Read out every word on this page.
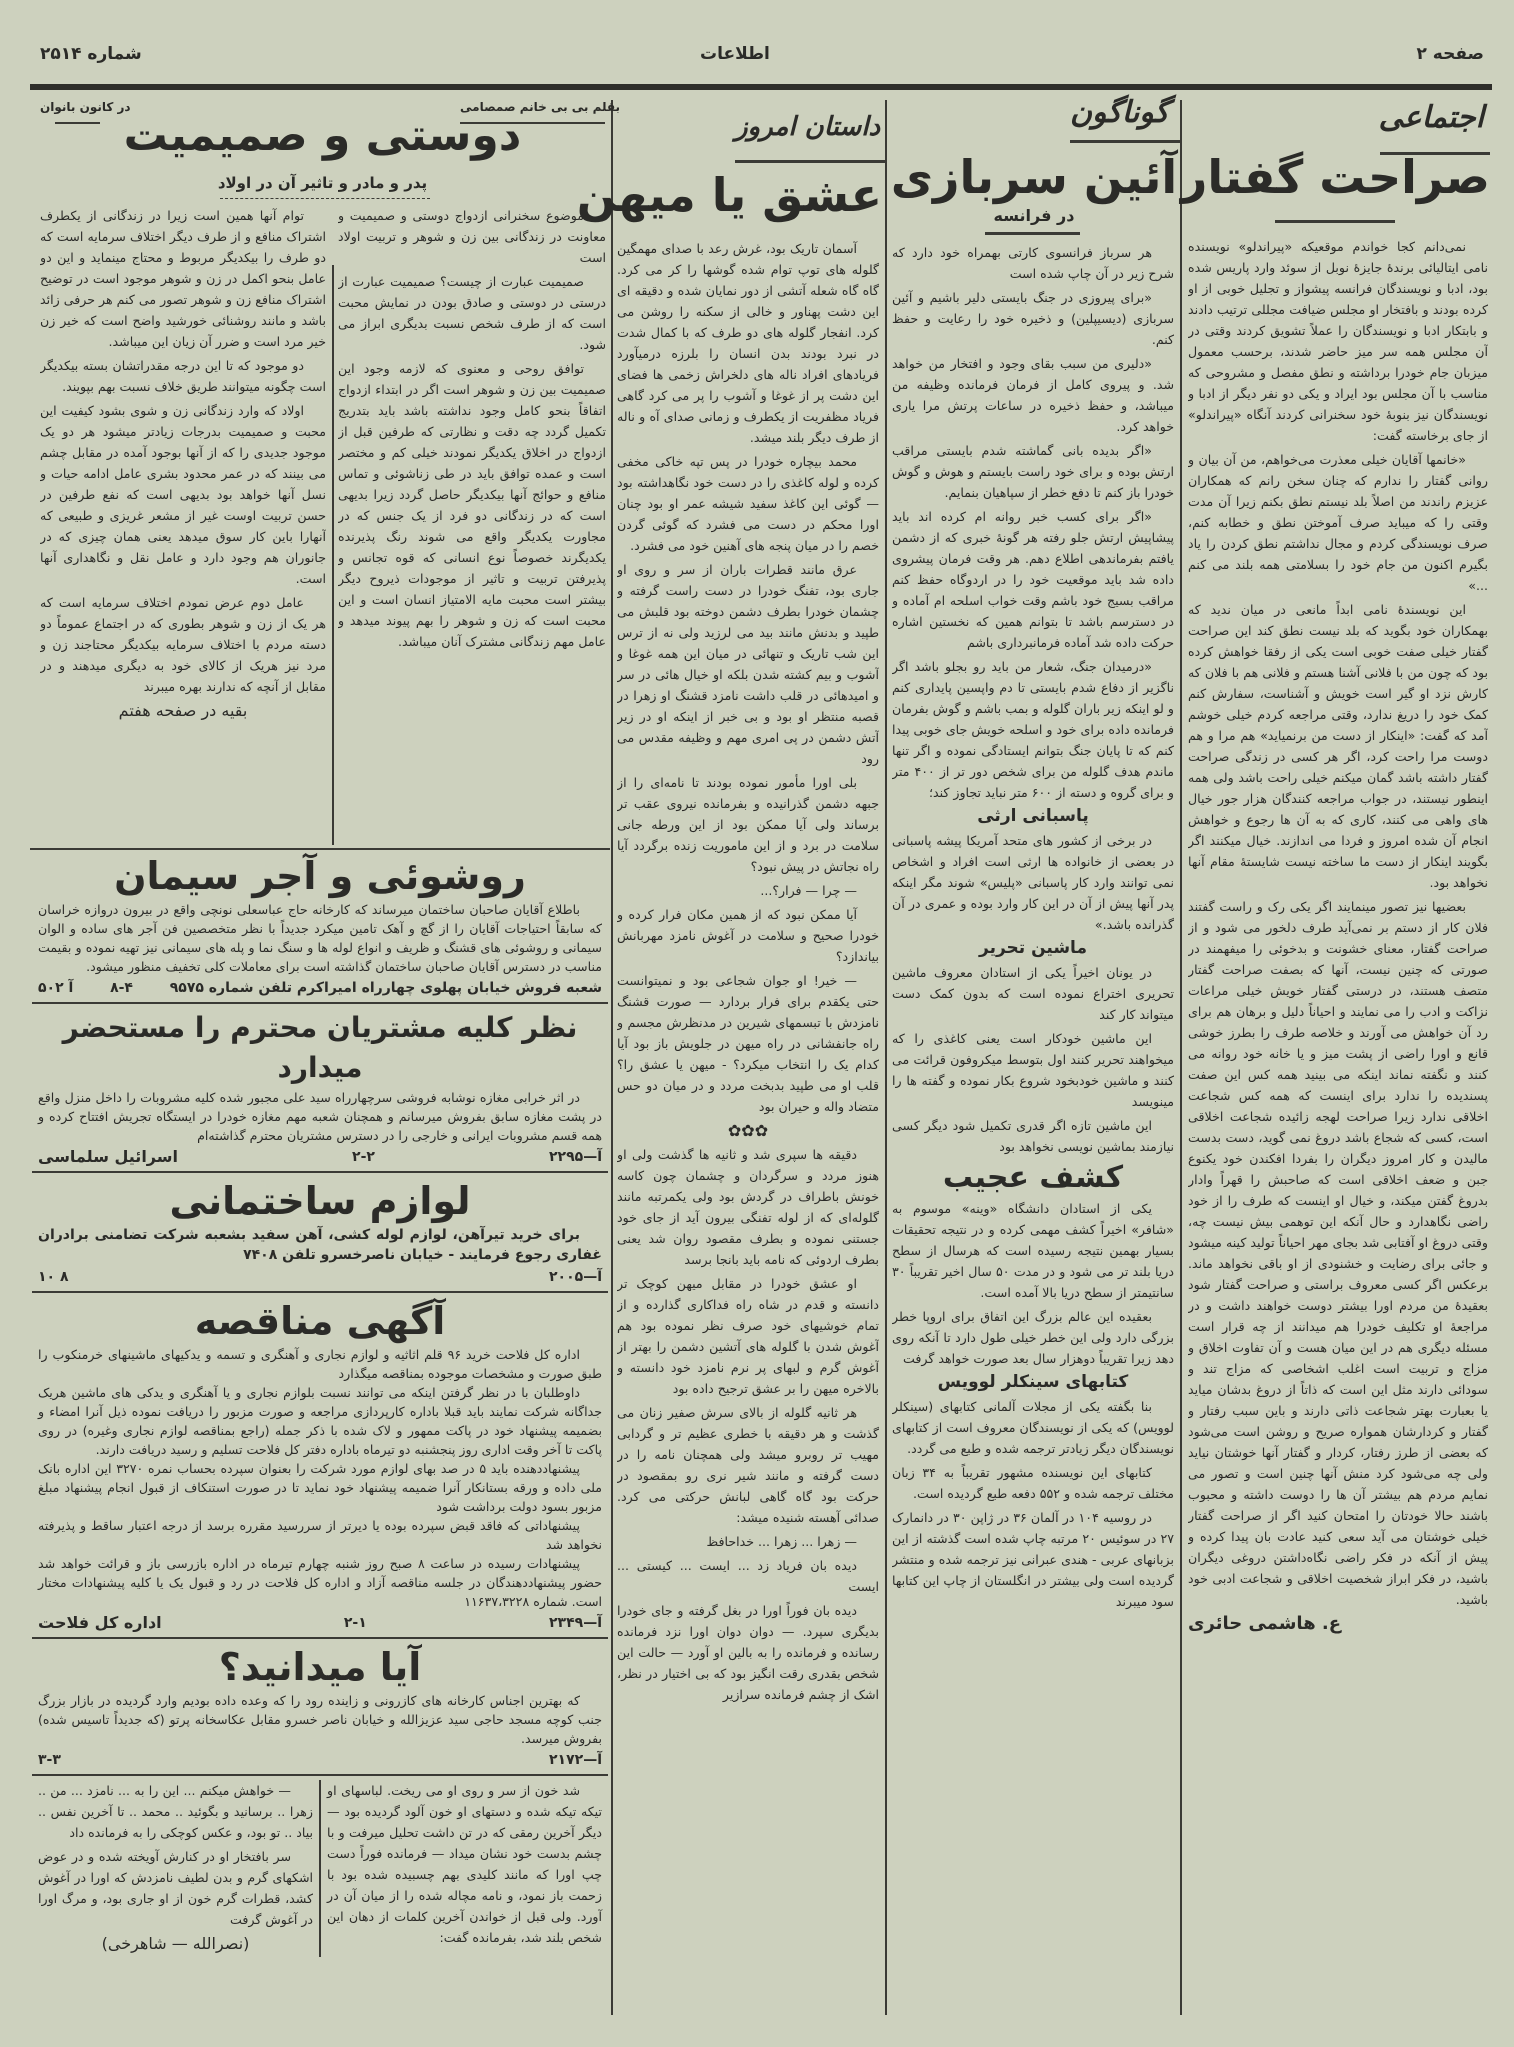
صفحه ۲
اطلاعات
شماره ۲۵۱۴
اجتماعی
صراحت گفتار

نمی‌دانم کجا خواندم موقعیکه «پیراندلو» نویسنده نامی ایتالیائی برندهٔ جایزهٔ نوبل از سوئد وارد پاریس شده بود، ادبا و نویسندگان فرانسه پیشواز و تجلیل خوبی از او کرده بودند و بافتخار او مجلس ضیافت مجللی ترتیب دادند و بابتکار ادبا و نویسندگان را عملاً تشویق کردند وقتی در آن مجلس همه سر میز حاضر شدند، برحسب معمول میزبان جام خودرا برداشته و نطق مفصل و مشروحی که مناسب با آن مجلس بود ایراد و یکی دو نفر دیگر از ادبا و نویسندگان نیز بنوبهٔ خود سخنرانی کردند آنگاه «پیراندلو» از جای برخاسته گفت:

«خانمها آقایان خیلی معذرت می‌خواهم، من آن بیان و روانی گفتار را ندارم که چنان سخن رانم که همکاران عزیزم راندند من اصلاً بلد نیستم نطق بکنم زیرا آن مدت وقتی را که میباید صرف آموختن نطق و خطابه کنم، صرف نویسندگی کردم و مجال نداشتم نطق کردن را یاد بگیرم اکنون من جام خود را بسلامتی همه بلند می کنم ...»

این نویسندهٔ نامی ابداً مانعی در میان ندید که بهمکاران خود بگوید که بلد نیست نطق کند این صراحت گفتار خیلی صفت خوبی است یکی از رفقا خواهش کرده بود که چون من با فلانی آشنا هستم و فلانی هم با فلان که کارش نزد او گیر است خویش و آشناست، سفارش کنم کمک خود را دریغ ندارد، وقتی مراجعه کردم خیلی خوشم آمد که گفت: «اینکار از دست من برنمیاید» هم مرا و هم دوست مرا راحت کرد، اگر هر کسی در زندگی صراحت گفتار داشته باشد گمان میکنم خیلی راحت باشد ولی همه اینطور نیستند، در جواب مراجعه کنندگان هزار جور خیال های واهی می کنند، کاری که به آن ها رجوع و خواهش انجام آن شده امروز و فردا می اندازند. خیال میکنند اگر بگویند اینکار از دست ما ساخته نیست شایستهٔ مقام آنها نخواهد بود.

بعضیها نیز تصور مینمایند اگر یکی رک و راست گفتند فلان کار از دستم بر نمی‌آید طرف دلخور می شود و از صراحت گفتار، معنای خشونت و بدخوئی را میفهمند در صورتی که چنین نیست، آنها که بصفت صراحت گفتار متصف هستند، در درستی گفتار خویش خیلی مراعات نزاکت و ادب را می نمایند و احیاناً دلیل و برهان هم برای رد آن خواهش می آورند و خلاصه طرف را بطرز خوشی قانع و اورا راضی از پشت میز و یا خانه خود روانه می کنند و نگفته نماند اینکه می بینید همه کس این صفت پسندیده را ندارد برای اینست که همه کس شجاعت اخلاقی ندارد زیرا صراحت لهجه زائیده شجاعت اخلاقی است، کسی که شجاع باشد دروغ نمی گوید، دست بدست مالیدن و کار امروز دیگران را بفردا افکندن خود یکنوع جبن و ضعف اخلاقی است که صاحبش را قهراً وادار بدروغ گفتن میکند، و خیال او اینست که طرف را از خود راضی نگاهدارد و حال آنکه این توهمی بیش نیست چه، وقتی دروغ او آفتابی شد بجای مهر احیاناً تولید کینه میشود و جائی برای رضایت و خشنودی از او باقی نخواهد ماند. برعکس اگر کسی معروف براستی و صراحت گفتار شود بعقیدهٔ من مردم اورا بیشتر دوست خواهند داشت و در مراجعهٔ او تکلیف خودرا هم میدانند از چه قرار است مسئله دیگری هم در این میان هست و آن تفاوت اخلاق و مزاج و تربیت است اغلب اشخاصی که مزاج تند و سودائی دارند مثل این است که ذاتاً از دروغ بدشان میاید یا بعبارت بهتر شجاعت ذاتی دارند و باین سبب رفتار و گفتار و کردارشان همواره صریح و روشن است می‌شود که بعضی از طرز رفتار، کردار و گفتار آنها خوشتان نیاید ولی چه می‌شود کرد منش آنها چنین است و تصور می نمایم مردم هم بیشتر آن ها را دوست داشته و محبوب باشند حالا خودتان را امتحان کنید اگر از صراحت گفتار خیلی خوشتان می آید سعی کنید عادت بان پیدا کرده و پیش از آنکه در فکر راضی نگاه‌داشتن دروغی دیگران باشید، در فکر ابراز شخصیت اخلاقی و شجاعت ادبی خود باشید.

ع. هاشمی حائری

گوناگون
آئین سربازی
در فرانسه

هر سرباز فرانسوی کارتی بهمراه خود دارد که شرح زیر در آن چاپ شده است

«برای پیروزی در جنگ بایستی دلیر باشیم و آئین سربازی (دیسیپلین) و ذخیره خود را رعایت و حفظ کنم.

«دلیری من سبب بقای وجود و افتخار من خواهد شد. و پیروی کامل از فرمان فرمانده وظیفه من میباشد، و حفظ ذخیره در ساعات پرتش مرا یاری خواهد کرد.

«اگر بدیده بانی گماشته شدم بایستی مراقب ارتش بوده و برای خود راست بایستم و هوش و گوش خودرا باز کنم تا دفع خطر از سپاهیان بنمایم.

«اگر برای کسب خبر روانه ام کرده اند باید پیشاپیش ارتش جلو رفته هر گونهٔ خبری که از دشمن یافتم بفرماندهی اطلاع دهم. هر وقت فرمان پیشروی داده شد باید موقعیت خود را در اردوگاه حفظ کنم مراقب بسیج خود باشم وقت خواب اسلحه ام آماده و در دسترسم باشد تا بتوانم همین که نخستین اشاره حرکت داده شد آماده فرمانبرداری باشم

«درمیدان جنگ، شعار من باید رو بجلو باشد اگر ناگزیر از دفاع شدم بایستی تا دم واپسین پایداری کنم و لو اینکه زیر باران گلوله و بمب باشم و گوش بفرمان فرمانده داده برای خود و اسلحه خویش جای خوبی پیدا کنم که تا پایان جنگ بتوانم ایستادگی نموده و اگر تنها ماندم هدف گلوله من برای شخص دور تر از ۴۰۰ متر و برای گروه و دسته از ۶۰۰ متر نباید تجاوز کند؛

پاسبانی ارثی

در برخی از کشور های متحد آمریکا پیشه پاسبانی در بعضی از خانواده ها ارثی است افراد و اشخاص نمی توانند وارد کار پاسبانی «پلیس» شوند مگر اینکه پدر آنها پیش از آن در این کار وارد بوده و عمری در آن گذرانده باشد.»

ماشین تحریر

در یونان اخیراً یکی از استادان معروف ماشین تحریری اختراع نموده است که بدون کمک دست میتواند کار کند

این ماشین خودکار است یعنی کاغذی را که میخواهند تحریر کنند اول بتوسط میکروفون قرائت می کنند و ماشین خودبخود شروع بکار نموده و گفته ها را مینویسد

این ماشین تازه اگر قدری تکمیل شود دیگر کسی نیازمند بماشین نویسی نخواهد بود

کشف عجیب

یکی از استادان دانشگاه «وینه» موسوم به «شافر» اخیراً کشف مهمی کرده و در نتیجه تحقیقات بسیار بهمین نتیجه رسیده است که هرسال از سطح دریا بلند تر می شود و در مدت ۵۰ سال اخیر تقریباً ۳۰ سانتیمتر از سطح دریا بالا آمده است.

بعقیده این عالم بزرگ این اتفاق برای اروپا خطر بزرگی دارد ولی این خطر خیلی طول دارد تا آنکه روی دهد زیرا تقریباً دوهزار سال بعد صورت خواهد گرفت

کتابهای سینکلر لوویس

بنا بگفته یکی از مجلات آلمانی کتابهای (سینکلر لوویس) که یکی از نویسندگان معروف است از کتابهای نویسندگان دیگر زیادتر ترجمه شده و طبع می گردد.

کتابهای این نویسنده مشهور تقریباً به ۳۴ زبان مختلف ترجمه شده و ۵۵۲ دفعه طبع گردیده است.

در روسیه ۱۰۴ در آلمان ۳۶ در ژاپن ۳۰ در دانمارک ۲۷ در سوئیس ۲۰ مرتبه چاپ شده است گذشته از این بزبانهای عربی - هندی عبرانی نیز ترجمه شده و منتشر گردیده است ولی بیشتر در انگلستان از چاپ این کتابها سود میبرند

داستان امروز
عشق یا میهن

آسمان تاریک بود، غرش رعد با صدای مهمگین گلوله های توپ توام شده گوشها را کر می کرد. گاه گاه شعله آتشی از دور نمایان شده و دقیقه ای این دشت پهناور و خالی از سکنه را روشن می کرد. انفجار گلوله های دو طرف که با کمال شدت در نبرد بودند بدن انسان را بلرزه درمیآورد فریادهای افراد ناله های دلخراش زخمی ها فضای این دشت پر از غوغا و آشوب را پر می کرد گاهی فریاد مظفریت از یکطرف و زمانی صدای آه و ناله از طرف دیگر بلند میشد.

محمد بیچاره خودرا در پس تپه خاکی مخفی کرده و لوله کاغذی را در دست خود نگاهداشته بود — گوئی این کاغذ سفید شیشه عمر او بود چنان اورا محکم در دست می فشرد که گوئی گردن خصم را در میان پنجه های آهنین خود می فشرد.

عرق مانند قطرات باران از سر و روی او جاری بود، تفنگ خودرا در دست راست گرفته و چشمان خودرا بطرف دشمن دوخته بود قلبش می طپید و بدنش مانند بید می لرزید ولی نه از ترس این شب تاریک و تنهائی در میان این همه غوغا و آشوب و بیم کشته شدن بلکه او خیال هائی در سر و امیدهائی در قلب داشت نامزد قشنگ او زهرا در قصبه منتظر او بود و بی خبر از اینکه او در زیر آتش دشمن در پی امری مهم و وظیفه مقدس می رود

بلی اورا مأمور نموده بودند تا نامه‌ای را از جبهه دشمن گذرانیده و بفرمانده نیروی عقب تر برساند ولی آیا ممکن بود از این ورطه جانی سلامت در برد و از این ماموریت زنده برگردد آیا راه نجاتش در پیش نبود؟

— چرا — فرار؟...

آیا ممکن نبود که از همین مکان فرار کرده و خودرا صحیح و سلامت در آغوش نامزد مهربانش بیاندازد؟

— خیر! او جوان شجاعی بود و نمیتوانست حتی یکقدم برای فرار بردارد — صورت قشنگ نامزدش با تبسمهای شیرین در مدنظرش مجسم و راه جانفشانی در راه میهن در جلویش باز بود آیا کدام یک را انتخاب میکرد؟ - میهن یا عشق را؟ قلب او می طپید بدبخت مردد و در میان دو حس متضاد واله و حیران بود

✿✿✿

دقیقه ها سپری شد و ثانیه ها گذشت ولی او هنوز مردد و سرگردان و چشمان چون کاسه خونش باطراف در گردش بود ولی یکمرتبه مانند گلوله‌ای که از لوله تفنگی بیرون آید از جای خود جستنی نموده و بطرف مقصود روان شد یعنی بطرف اردوئی که نامه باید بانجا برسد

او عشق خودرا در مقابل میهن کوچک تر دانسته و قدم در شاه راه فداکاری گذارده و از تمام خوشیهای خود صرف نظر نموده بود هم آغوش شدن با گلوله های آتشین دشمن را بهتر از آغوش گرم و لبهای پر نرم نامزد خود دانسته و بالاخره میهن را بر عشق ترجیح داده بود

هر ثانیه گلوله از بالای سرش صفیر زنان می گذشت و هر دقیقه با خطری عظیم تر و گردابی مهیب تر روبرو میشد ولی همچنان نامه را در دست گرفته و مانند شیر نری رو بمقصود در حرکت بود گاه گاهی لبانش حرکتی می کرد. صدائی آهسته شنیده میشد:

— زهرا ... زهرا ... خداحافظ

دیده بان فریاد زد ... ایست ... کیستی ... ایست

دیده بان فوراً اورا در بغل گرفته و جای خودرا بدیگری سپرد. — دوان دوان اورا نزد فرمانده رسانده و فرمانده را به بالین او آورد — حالت این شخص بقدری رقت انگیز بود که بی اختیار در نظر، اشک از چشم فرمانده سرازیر

در کانون بانوان	بقلم بی بی خانم صمصامی
دوستی و صمیمیت
پدر و مادر و تاثیر آن در اولاد

موضوع سخنرانی ازدواج دوستی و صمیمیت و معاونت در زندگانی بین زن و شوهر و تربیت اولاد است

صمیمیت عبارت از چیست؟ صمیمیت عبارت از درستی در دوستی و صادق بودن در نمایش محبت است که از طرف شخص نسبت بدیگری ابراز می شود.

توافق روحی و معنوی که لازمه وجود این صمیمیت بین زن و شوهر است اگر در ابتداء ازدواج اتفاقاً بنحو کامل وجود نداشته باشد باید بتدریج تکمیل گردد چه دقت و نظارتی که طرفین قبل از ازدواج در اخلاق یکدیگر نمودند خیلی کم و مختصر است و عمده توافق باید در طی زناشوئی و تماس منافع و حوائج آنها بیکدیگر حاصل گردد زیرا بدیهی است که در زندگانی دو فرد از یک جنس که در مجاورت یکدیگر واقع می شوند رنگ پذیرنده یکدیگرند خصوصاً نوع انسانی که قوه تجانس و پذیرفتن تربیت و تاثیر از موجودات ذیروح دیگر بیشتر است محبت مایه الامتیاز انسان است و این محبت است که زن و شوهر را بهم پیوند میدهد و عامل مهم زندگانی مشترک آنان میباشد.

توام آنها همین است زیرا در زندگانی از یکطرف اشتراک منافع و از طرف دیگر اختلاف سرمایه است که دو طرف را بیکدیگر مربوط و محتاج مینماید و این دو عامل بنحو اکمل در زن و شوهر موجود است در توضیح اشتراک منافع زن و شوهر تصور می کنم هر حرفی زائد باشد و مانند روشنائی خورشید واضح است که خیر زن خیر مرد است و ضرر آن زیان این میباشد.

دو موجود که تا این درجه مقدراتشان بسته بیکدیگر است چگونه میتوانند طریق خلاف نسبت بهم بپویند.

اولاد که وارد زندگانی زن و شوی بشود کیفیت این محبت و صمیمیت بدرجات زیادتر میشود هر دو یک موجود جدیدی را که از آنها بوجود آمده در مقابل چشم می بینند که در عمر محدود بشری عامل ادامه حیات و نسل آنها خواهد بود بدیهی است که نفع طرفین در حسن تربیت اوست غیر از مشعر غریزی و طبیعی که آنهارا باین کار سوق میدهد یعنی همان چیزی که در جانوران هم وجود دارد و عامل نقل و نگاهداری آنها است.

عامل دوم عرض نمودم اختلاف سرمایه است که هر یک از زن و شوهر بطوری که در اجتماع عموماً دو دسته مردم با اختلاف سرمایه بیکدیگر محتاجند زن و مرد نیز هریک از کالای خود به دیگری میدهند و در مقابل از آنچه که ندارند بهره میبرند

بقیه در صفحه هفتم

روشوئی و آجر سیمان

باطلاع آقایان صاحبان ساختمان میرساند که کارخانه حاج عباسعلی نونچی واقع در بیرون دروازه خراسان که سابقاً احتیاجات آقایان را از گچ و آهک تامین میکرد جدیداً با نظر متخصصین فن آجر های ساده و الوان سیمانی و روشوئی های قشنگ و ظریف و انواع لوله ها و سنگ نما و پله های سیمانی نیز تهیه نموده و بقیمت مناسب در دسترس آقایان صاحبان ساختمان گذاشته است برای معاملات کلی تخفیف منظور میشود.

شعبه فروش خیابان پهلوی چهارراه امیراکرم تلفن شماره ۹۵۷۵
۸-۴
آ ۵۰۲
نظر کلیه مشتریان محترم را مستحضر میدارد

در اثر خرابی مغازه نوشابه فروشی سرچهارراه سید علی مجبور شده کلیه مشروبات را داخل منزل واقع در پشت مغازه سابق بفروش میرسانم و همچنان شعبه مهم مغازه خودرا در ایستگاه تجریش افتتاح کرده و همه قسم مشروبات ایرانی و خارجی را در دسترس مشتریان محترم گذاشته‌ام

آ—۲۲۹۵
۲-۲
اسرائیل سلماسی
لوازم ساختمانی

برای خرید تیرآهن، لوازم لوله کشی، آهن سفید بشعبه شرکت تضامنی برادران غفاری رجوع فرمایند - خیابان ناصرخسرو تلفن ۷۴۰۸

آ—۲۰۰۵
۸ ۱۰
آگهی مناقصه

اداره کل فلاحت خرید ۹۶ قلم اثاثیه و لوازم نجاری و آهنگری و تسمه و یدکیهای ماشینهای خرمنکوب را طبق صورت و مشخصات موجوده بمناقصه میگذارد

داوطلبان با در نظر گرفتن اینکه می توانند نسبت بلوازم نجاری و یا آهنگری و یدکی های ماشین هریک جداگانه شرکت نمایند باید قبلا باداره کارپردازی مراجعه و صورت مزبور را دریافت نموده ذیل آنرا امضاء و بضمیمه پیشنهاد خود در پاکت ممهور و لاک شده با ذکر جمله (راجع بمناقصه لوازم نجاری وغیره) در روی پاکت تا آخر وقت اداری روز پنجشنبه دو تیرماه باداره دفتر کل فلاحت تسلیم و رسید دریافت دارند.

پیشنهاددهنده باید ۵ در صد بهای لوازم مورد شرکت را بعنوان سپرده بحساب نمره ۳۲۷۰ این اداره بانک ملی داده و ورقه بستانکار آنرا ضمیمه پیشنهاد خود نماید تا در صورت استنکاف از قبول انجام پیشنهاد مبلغ مزبور بسود دولت برداشت شود

پیشنهاداتی که فاقد قبض سپرده بوده یا دیرتر از سررسید مقرره برسد از درجه اعتبار ساقط و پذیرفته نخواهد شد

پیشنهادات رسیده در ساعت ۸ صبح روز شنبه چهارم تیرماه در اداره بازرسی باز و قرائت خواهد شد حضور پیشنهاددهندگان در جلسه مناقصه آزاد و اداره کل فلاحت در رد و قبول یک یا کلیه پیشنهادات مختار است. شماره ۱۱۶۳۷،۳۲۲۸

آ—۲۳۴۹
۲-۱
اداره کل فلاحت
آیا میدانید؟

که بهترین اجناس کارخانه های کازرونی و زاینده رود را که وعده داده بودیم وارد گردیده در بازار بزرگ جنب کوچه مسجد حاجی سید عزیزالله و خیابان ناصر خسرو مقابل عکاسخانه پرتو (که جدیداً تاسیس شده) بفروش میرسد.

آ—۲۱۷۲
۳-۳

شد خون از سر و روی او می ریخت. لباسهای او تیکه تیکه شده و دستهای او خون آلود گردیده بود — دیگر آخرین رمقی که در تن داشت تحلیل میرفت و با چشم بدست خود نشان میداد — فرمانده فوراً دست چپ اورا که مانند کلیدی بهم چسبیده شده بود با زحمت باز نمود، و نامه مچاله شده را از میان آن در آورد. ولی قبل از خواندن آخرین کلمات از دهان این شخص بلند شد، بفرمانده گفت:

— خواهش میکنم ... این را به ... نامزد ... من .. زهرا .. برسانید و بگوئید .. محمد .. تا آخرین نفس .. بیاد .. تو بود، و عکس کوچکی را به فرمانده داد

سر بافتخار او در کنارش آویخته شده و در عوض اشکهای گرم و بدن لطیف نامزدش که اورا در آغوش کشد، قطرات گرم خون از او جاری بود، و مرگ اورا در آغوش گرفت

(نصرالله — شاهرخی)
